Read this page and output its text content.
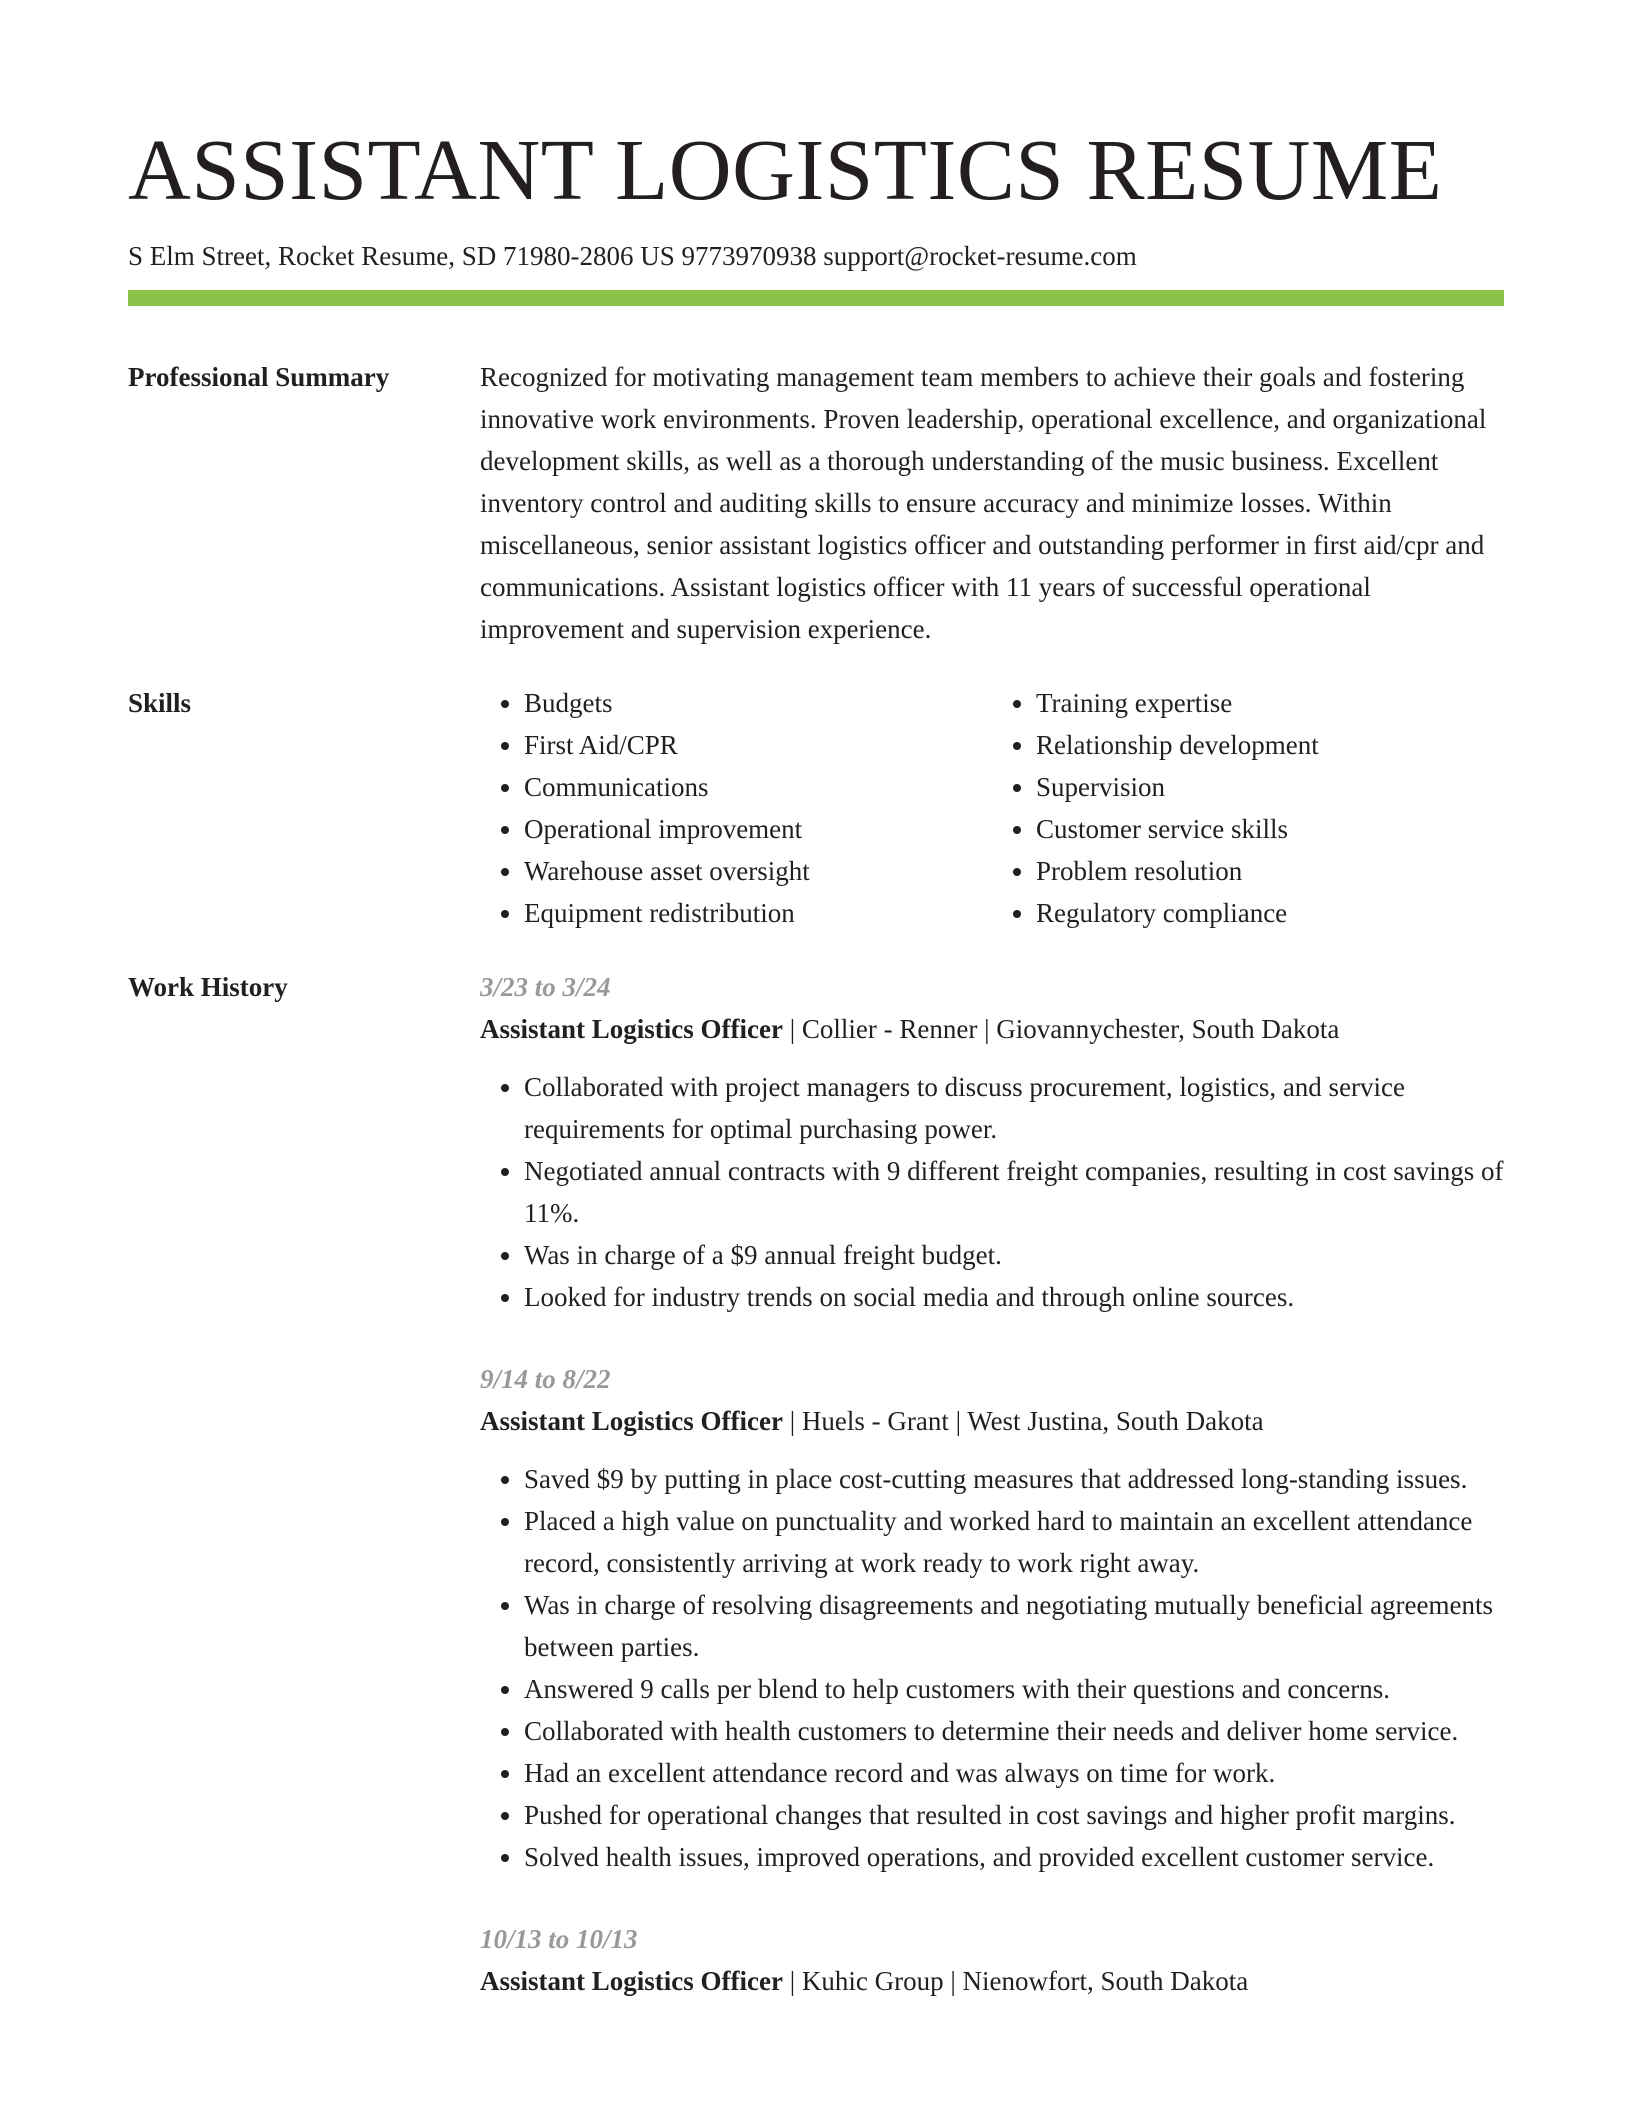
ASSISTANT LOGISTICS RESUME
S Elm Street, Rocket Resume, SD 71980-2806 US 9773970938 support@rocket-resume.com
Professional Summary	Recognized for motivating management team members to achieve their goals and fostering innovative work environments. Proven leadership, operational excellence, and organizational development skills, as well as a thorough understanding of the music business. Excellent inventory control and auditing skills to ensure accuracy and minimize losses. Within miscellaneous, senior assistant logistics officer and outstanding performer in first aid/cpr and communications. Assistant logistics officer with 11 years of successful operational improvement and supervision experience.

Skills
•	Budgets
• First Aid/CPR
• Communications
• Operational improvement
• Warehouse asset oversight
• Equipment redistribution
• Training expertise
• Relationship development
• Supervision
• Customer service skills
• Problem resolution
• Regulatory compliance
Work History	3/23 to 3/24
Assistant Logistics Officer | Collier - Renner | Giovannychester, South Dakota
• Collaborated with project managers to discuss procurement, logistics, and service requirements for optimal purchasing power.
• Negotiated annual contracts with 9 different freight companies, resulting in cost savings of 11%.
• Was in charge of a $9 annual freight budget.
• Looked for industry trends on social media and through online sources.
9/14 to 8/22
Assistant Logistics Officer | Huels - Grant | West Justina, South Dakota
• Saved $9 by putting in place cost-cutting measures that addressed long-standing issues.
• Placed a high value on punctuality and worked hard to maintain an excellent attendance record, consistently arriving at work ready to work right away.
• Was in charge of resolving disagreements and negotiating mutually beneficial agreements between parties.
• Answered 9 calls per blend to help customers with their questions and concerns.
• Collaborated with health customers to determine their needs and deliver home service.
• Had an excellent attendance record and was always on time for work.
• Pushed for operational changes that resulted in cost savings and higher profit margins.
• Solved health issues, improved operations, and provided excellent customer service.
10/13 to 10/13
Assistant Logistics Officer | Kuhic Group | Nienowfort, South Dakota
